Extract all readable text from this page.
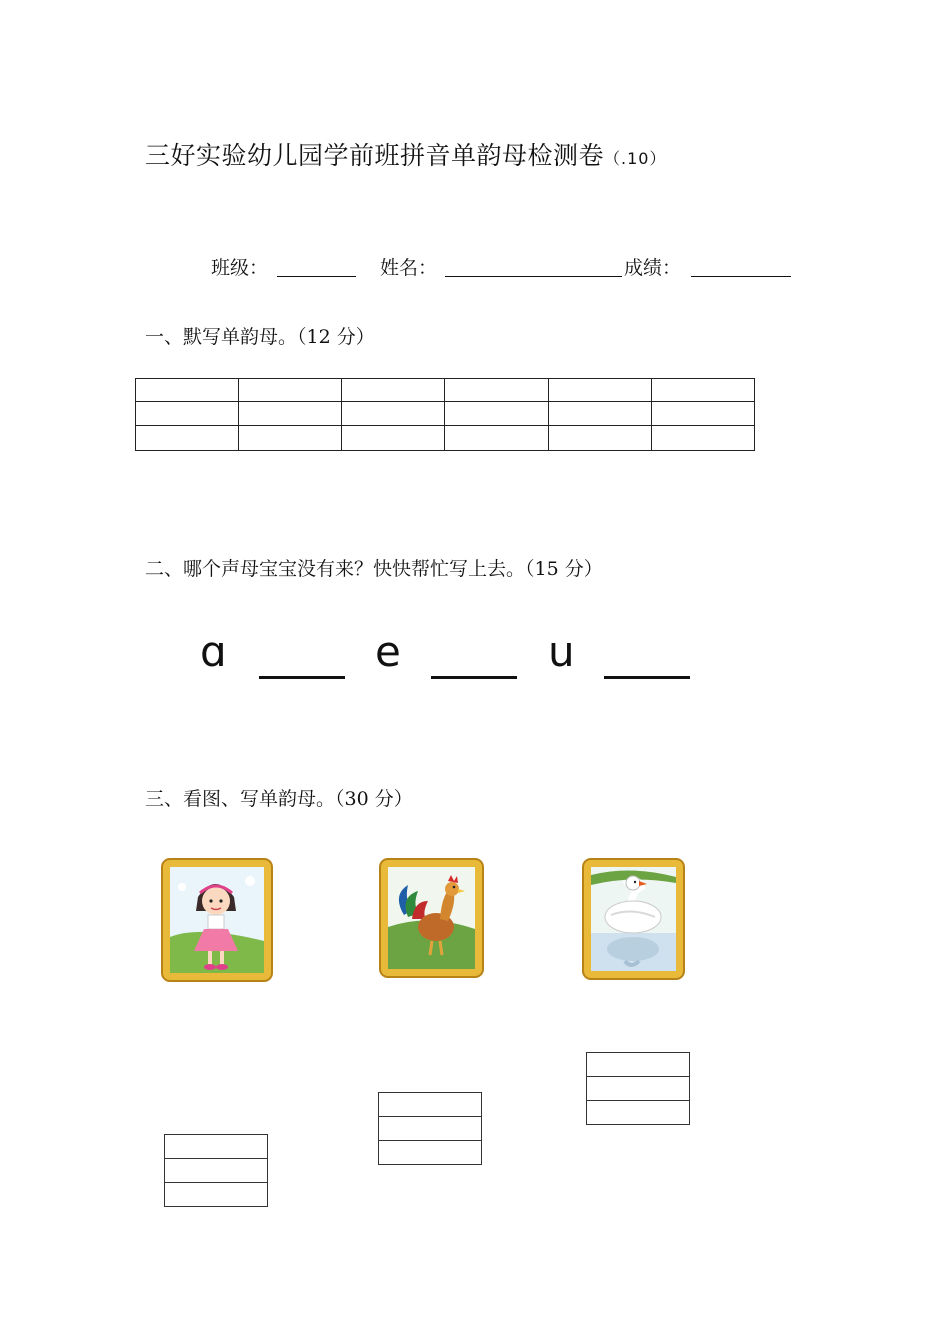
三好实验幼儿园学前班拼音单韵母检测卷（.10）
班级：	姓名：	成绩：
一、默写单韵母。（12 分）

二、哪个声母宝宝没有来？快快帮忙写上去。（15 分）
ɑ	e	u
三、看图、写单韵母。（30 分）
